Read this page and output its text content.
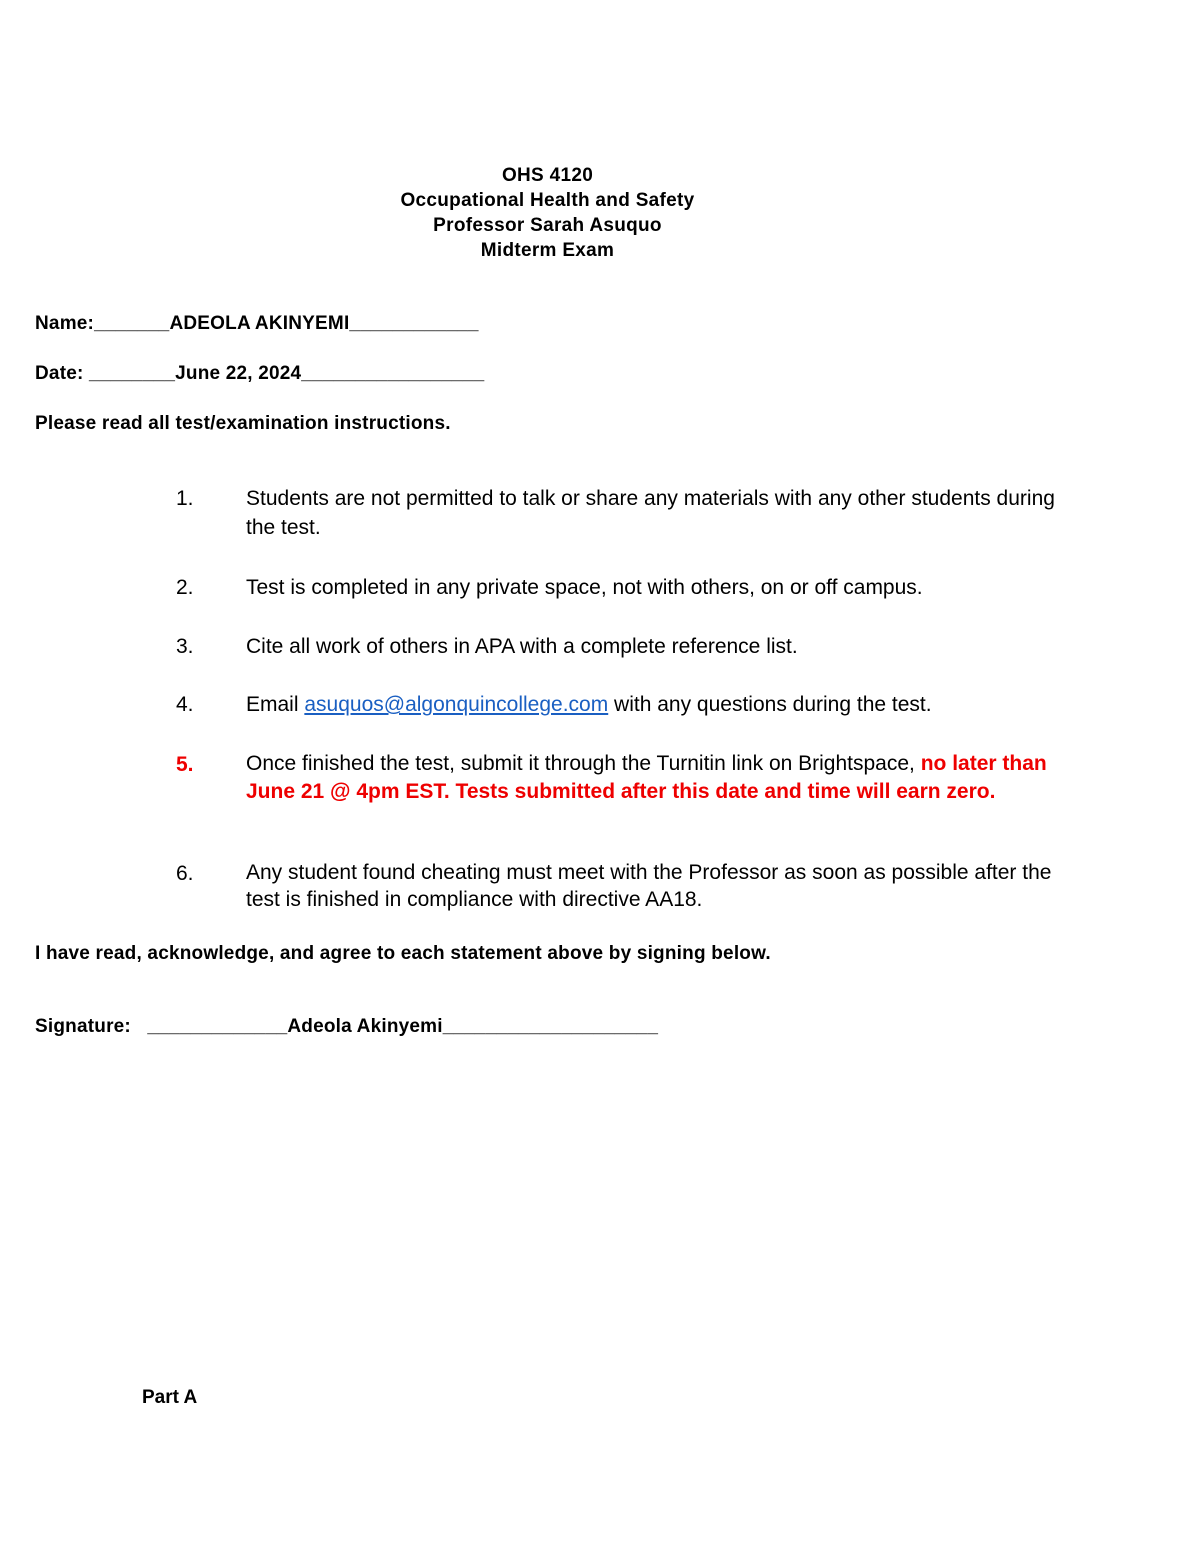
OHS 4120
Occupational Health and Safety
Professor Sarah Asuquo
Midterm Exam
Name:_______ADEOLA AKINYEMI____________
Date: ________June 22, 2024_________________
Please read all test/examination instructions.
1.	Students are not permitted to talk or share any materials with any other students during the test.
2.	Test is completed in any private space, not with others, on or off campus.
3.	Cite all work of others in APA with a complete reference list.
4.	Email asuquos@algonquincollege.com with any questions during the test.
5.	Once finished the test, submit it through the Turnitin link on Brightspace, no later than June 21 @ 4pm EST. Tests submitted after this date and time will earn zero.
6.	Any student found cheating must meet with the Professor as soon as possible after the test is finished in compliance with directive AA18.
I have read, acknowledge, and agree to each statement above by signing below.
Signature:   _____________Adeola Akinyemi____________________
Part A
